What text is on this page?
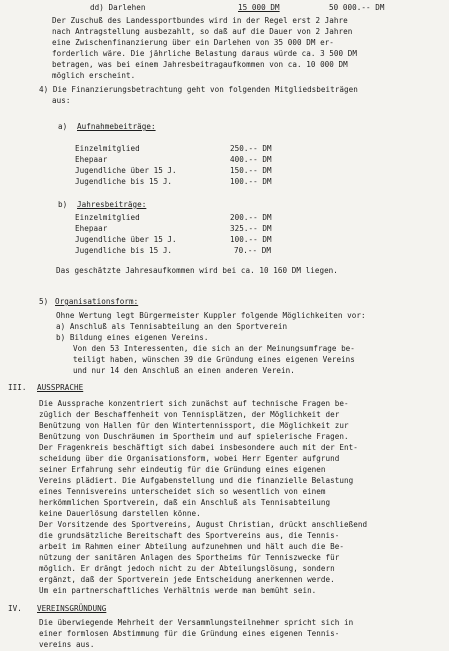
dd) Darlehen	15 000 DM	50 000.-- DM
Der Zuschuß des Landessportbundes wird in der Regel erst 2 Jahre
nach Antragstellung ausbezahlt, so daß auf die Dauer von 2 Jahren
eine Zwischenfinanzierung über ein Darlehen von 35 000 DM er-
forderlich wäre. Die jährliche Belastung daraus würde ca. 3 500 DM
betragen, was bei einem Jahresbeitragaufkommen von ca. 10 000 DM
möglich erscheint.
4) Die Finanzierungsbetrachtung geht von folgenden Mitgliedsbeiträgen
aus:
a) Aufnahmebeiträge:
Einzelmitglied	250.-- DM
Ehepaar	400.-- DM
Jugendliche über 15 J.	150.-- DM
Jugendliche bis 15 J.	100.-- DM
b) Jahresbeiträge:
Einzelmitglied	200.-- DM
Ehepaar	325.-- DM
Jugendliche über 15 J.	100.-- DM
Jugendliche bis 15 J.	70.-- DM
Das geschätzte Jahresaufkommen wird bei ca. 10 160 DM liegen.
5) Organisationsform:
Ohne Wertung legt Bürgermeister Kuppler folgende Möglichkeiten vor:
a) Anschluß als Tennisabteilung an den Sportverein
b) Bildung eines eigenen Vereins.
Von den 53 Interessenten, die sich an der Meinungsumfrage be-
teiligt haben, wünschen 39 die Gründung eines eigenen Vereins
und nur 14 den Anschluß an einen anderen Verein.
III. AUSSPRACHE
Die Aussprache konzentriert sich zunächst auf technische Fragen be-
züglich der Beschaffenheit von Tennisplätzen, der Möglichkeit der
Benützung von Hallen für den Wintertennissport, die Möglichkeit zur
Benützung von Duschräumen im Sportheim und auf spielerische Fragen.
Der Fragenkreis beschäftigt sich dabei insbesondere auch mit der Ent-
scheidung über die Organisationsform, wobei Herr Egenter aufgrund
seiner Erfahrung sehr eindeutig für die Gründung eines eigenen
Vereins plädiert. Die Aufgabenstellung und die finanzielle Belastung
eines Tennisvereins unterscheidet sich so wesentlich von einem
herkömmlichen Sportverein, daß ein Anschluß als Tennisabteilung
keine Dauerlösung darstellen könne.
Der Vorsitzende des Sportvereins, August Christian, drückt anschließend
die grundsätzliche Bereitschaft des Sportvereins aus, die Tennis-
arbeit im Rahmen einer Abteilung aufzunehmen und hält auch die Be-
nützung der sanitären Anlagen des Sportheims für Tenniszwecke für
möglich. Er drängt jedoch nicht zu der Abteilungslösung, sondern
ergänzt, daß der Sportverein jede Entscheidung anerkennen werde.
Um ein partnerschaftliches Verhältnis werde man bemüht sein.
IV. VEREINSGRÜNDUNG
Die überwiegende Mehrheit der Versammlungsteilnehmer spricht sich in
einer formlosen Abstimmung für die Gründung eines eigenen Tennis-
vereins aus.
